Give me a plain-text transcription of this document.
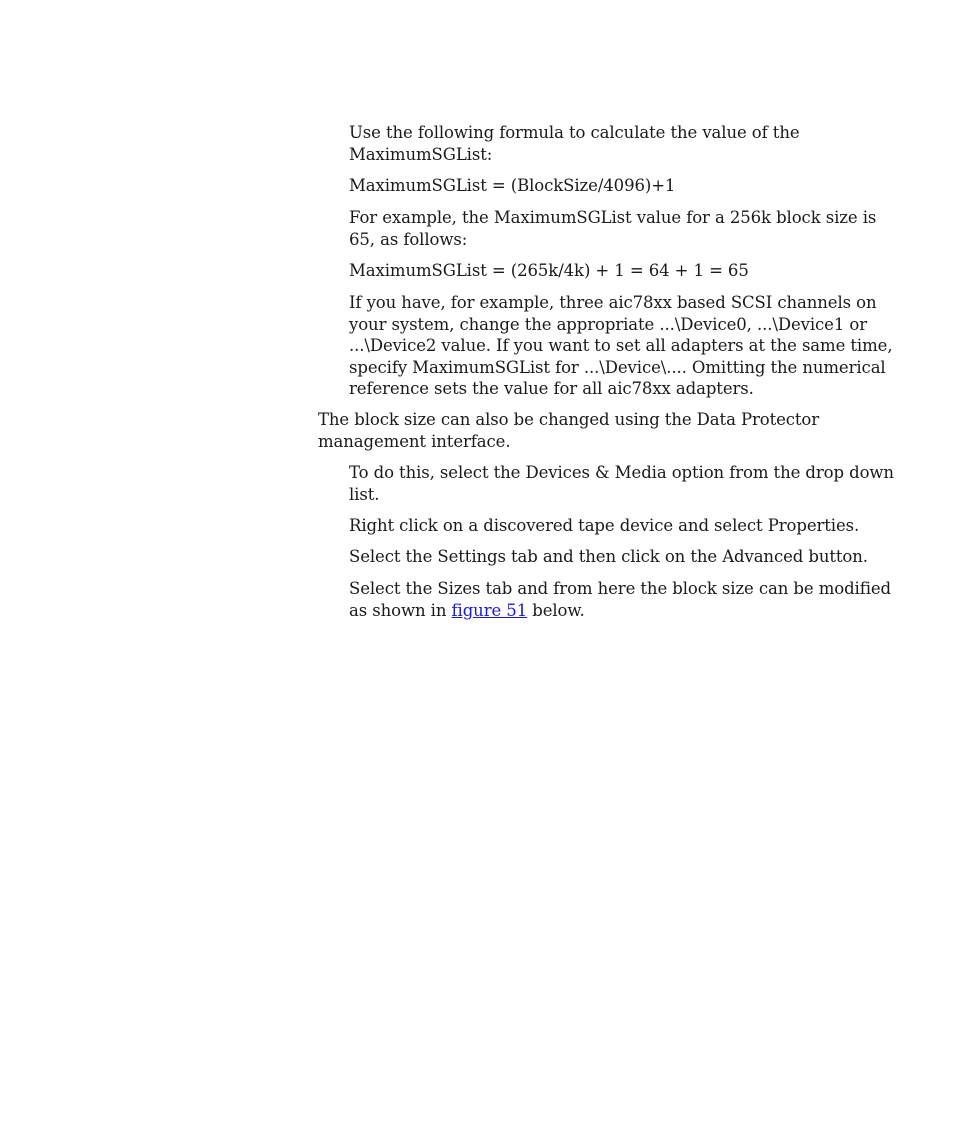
Use the following formula to calculate the value of the MaximumSGList:

MaximumSGList = (BlockSize/4096)+1

For example, the MaximumSGList value for a 256k block size is 65, as follows:

MaximumSGList = (265k/4k) + 1 = 64 + 1 = 65

If you have, for example, three aic78xx based SCSI channels on your system, change the appropriate ...\Device0, ...\Device1 or ...\Device2 value. If you want to set all adapters at the same time, specify MaximumSGList for ...\Device\.... Omitting the numerical reference sets the value for all aic78xx adapters.

The block size can also be changed using the Data Protector management interface.

To do this, select the Devices & Media option from the drop down list.

Right click on a discovered tape device and select Properties.

Select the Settings tab and then click on the Advanced button.

Select the Sizes tab and from here the block size can be modified as shown in figure 51 below.
